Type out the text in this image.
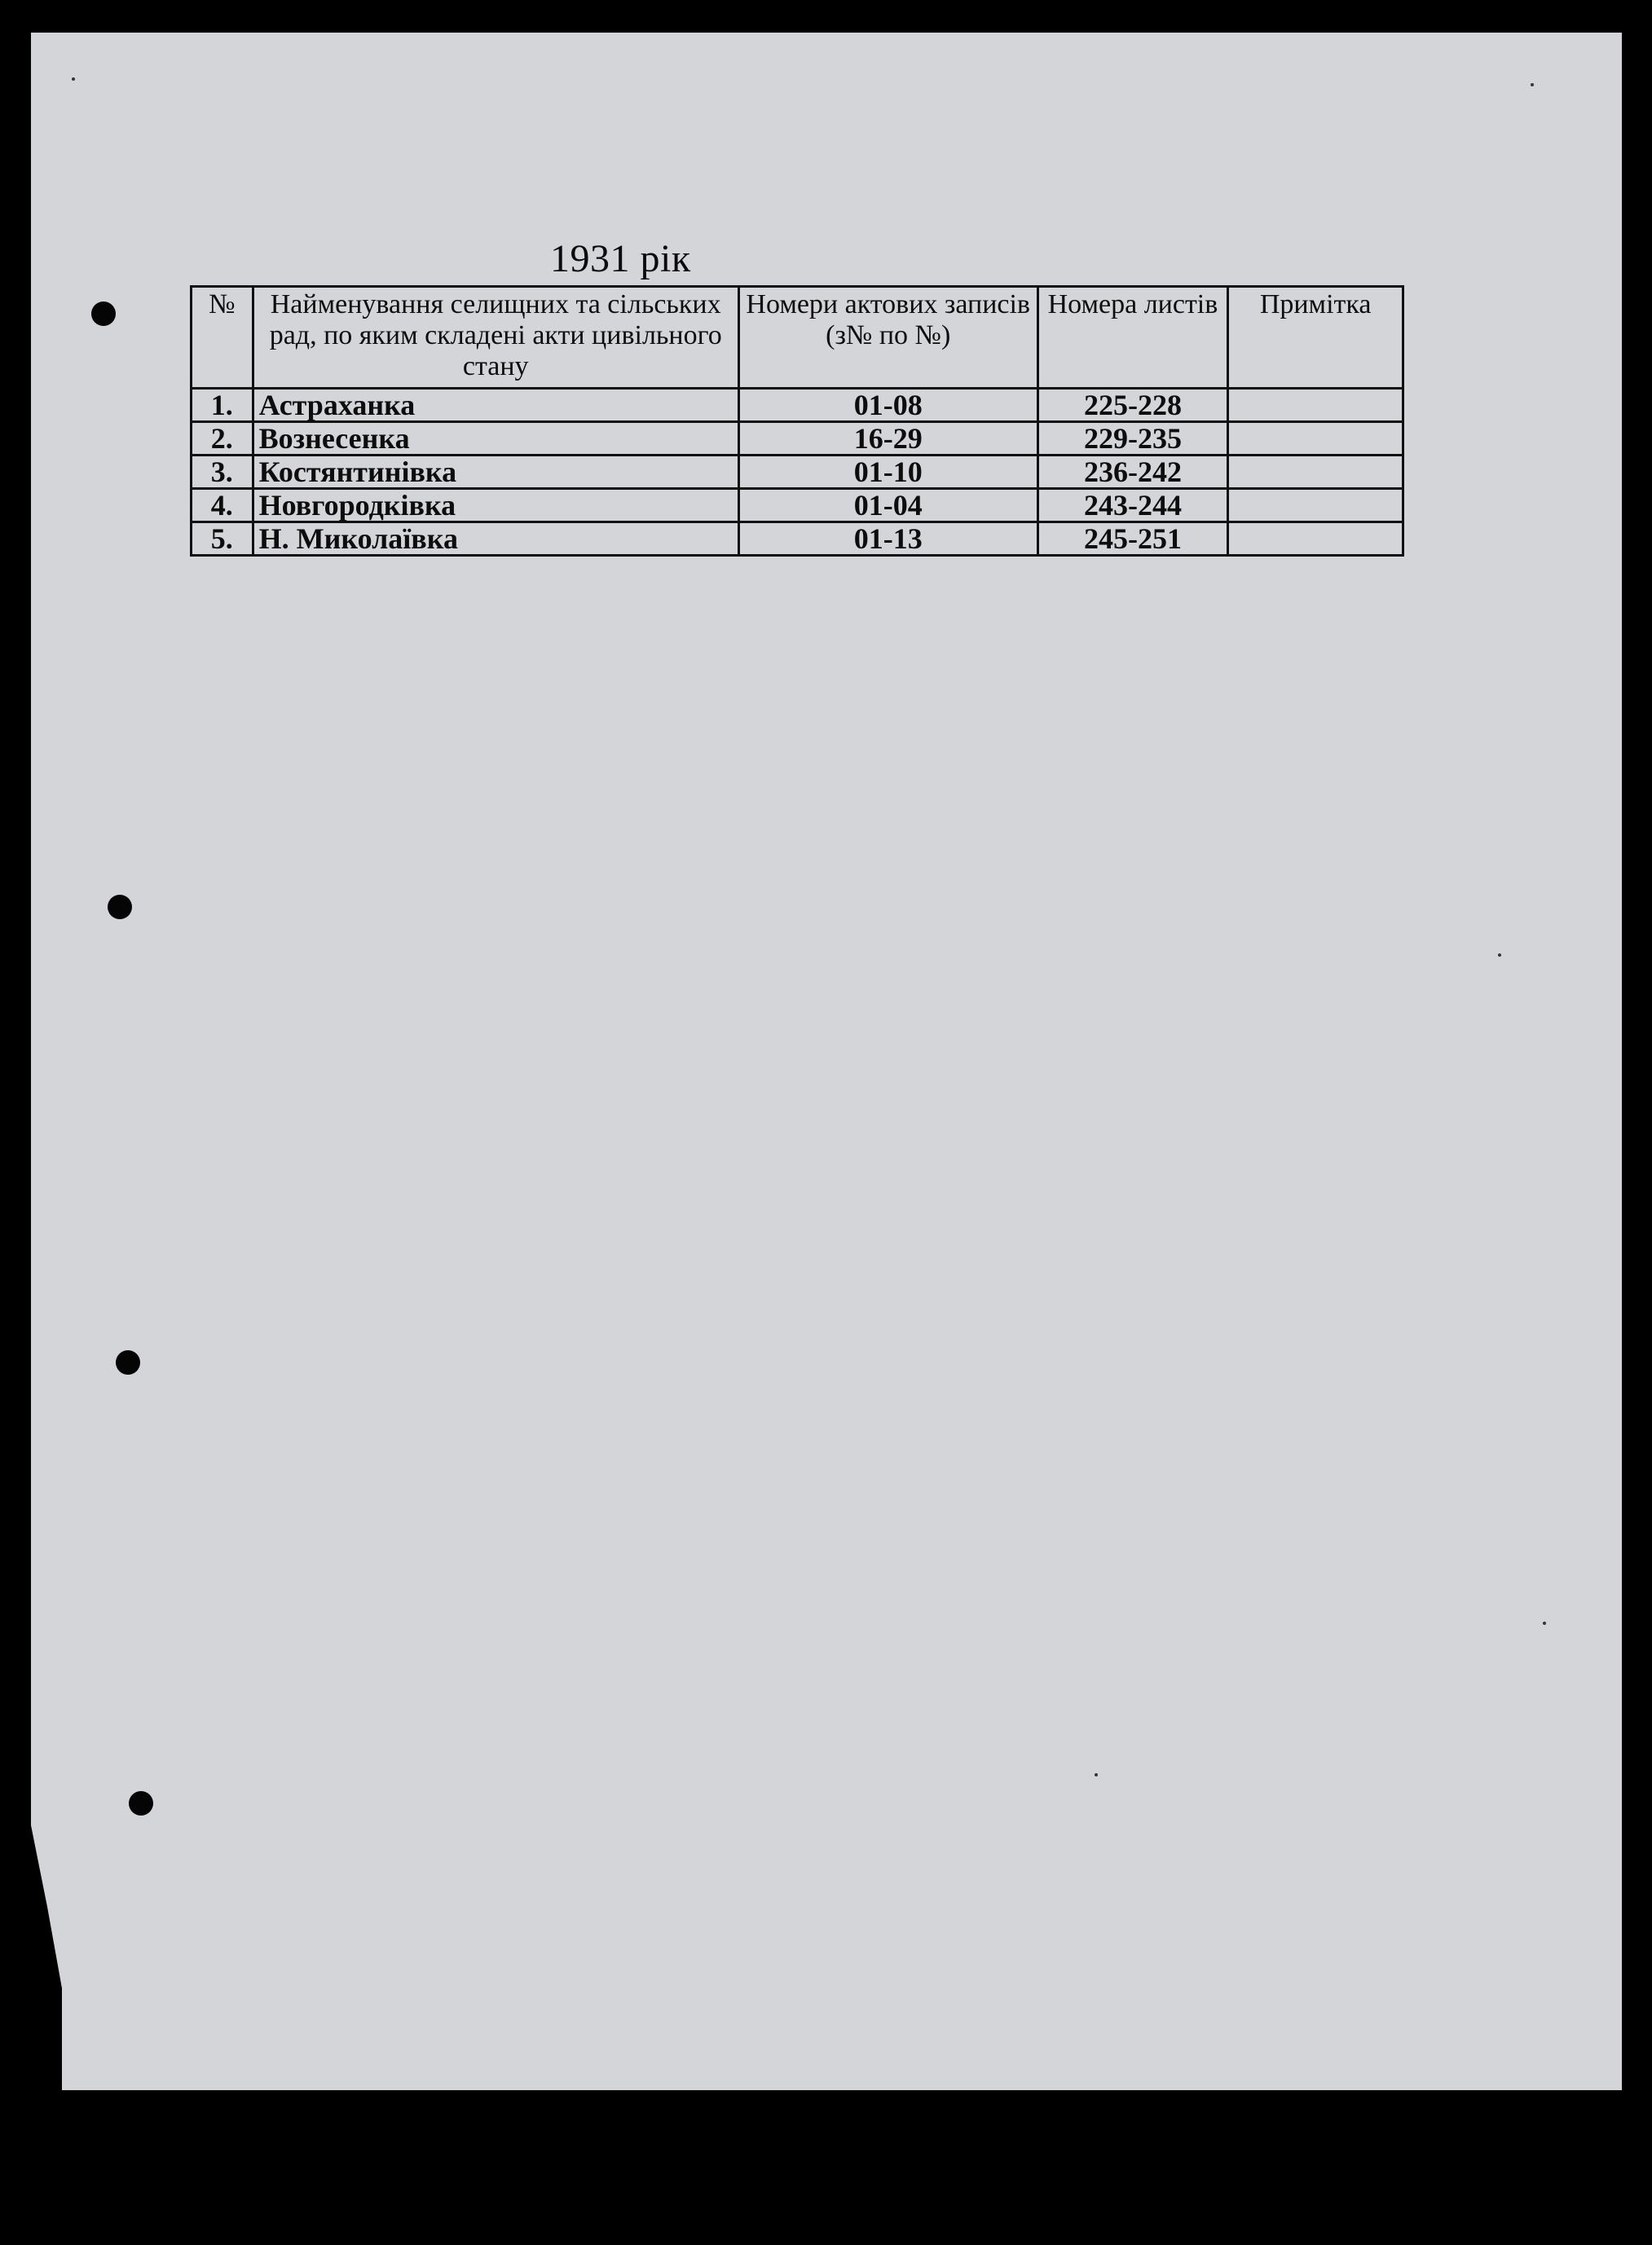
1931 рік
№	Найменування селищних та сільських рад, по яким складені акти цивільного стану	Номери актових записів (з№ по №)	Номера листів	Примітка
1.	Астраханка	01-08	225-228	
2.	Вознесенка	16-29	229-235	
3.	Костянтинівка	01-10	236-242	
4.	Новгородківка	01-04	243-244	
5.	Н. Миколаївка	01-13	245-251	
